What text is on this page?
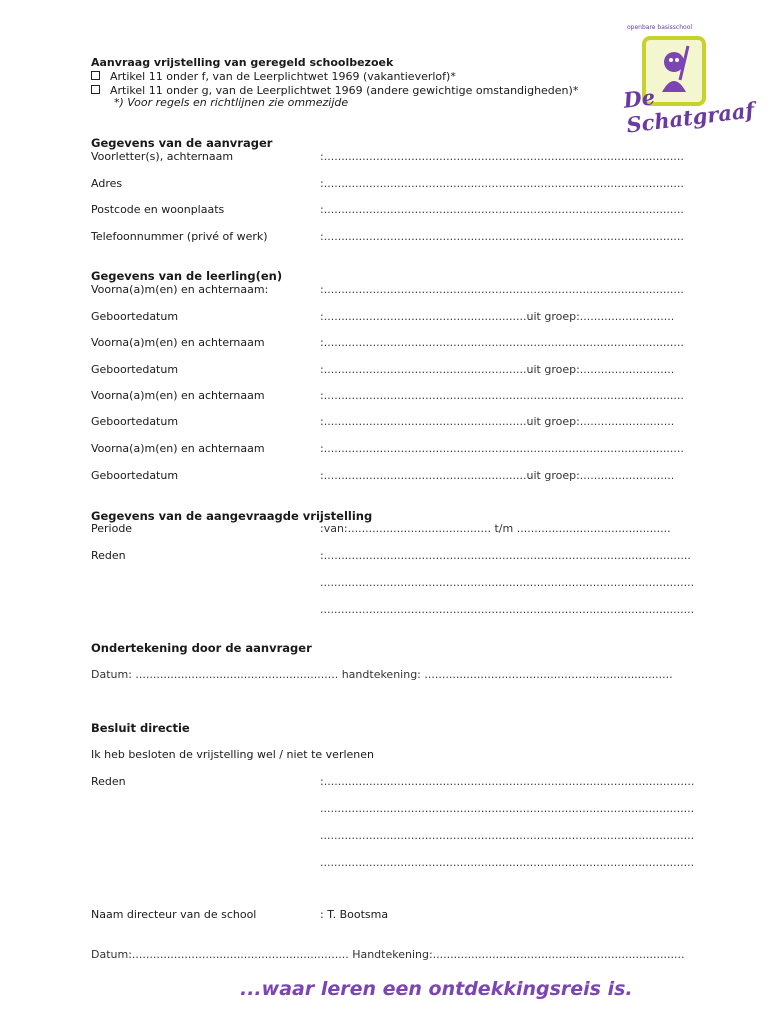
openbare basisschool
De Schatgraaf
Aanvraag vrijstelling van geregeld schoolbezoek
Artikel 11 onder f, van de Leerplichtwet 1969 (vakantieverlof)*
Artikel 11 onder g, van de Leerplichtwet 1969 (andere gewichtige omstandigheden)*
*) Voor regels en richtlijnen zie ommezijde
Gegevens van de aanvrager
Voorletter(s), achternaam	:.......................................................................................................
Adres	:.......................................................................................................
Postcode en woonplaats	:.......................................................................................................
Telefoonnummer (privé of werk)	:.......................................................................................................
Gegevens van de leerling(en)
Voorna(a)m(en) en achternaam:	:.......................................................................................................
Geboortedatum	:..........................................................uit groep:...........................
Voorna(a)m(en) en achternaam	:.......................................................................................................
Geboortedatum	:..........................................................uit groep:...........................
Voorna(a)m(en) en achternaam	:.......................................................................................................
Geboortedatum	:..........................................................uit groep:...........................
Voorna(a)m(en) en achternaam	:.......................................................................................................
Geboortedatum	:..........................................................uit groep:...........................
Gegevens van de aangevraagde vrijstelling
Periode	:van:......................................... t/m ............................................
Reden	:.........................................................................................................
...........................................................................................................
...........................................................................................................
Ondertekening door de aanvrager
Datum: .......................................................... handtekening: .......................................................................
Besluit directie
Ik heb besloten de vrijstelling wel / niet te verlenen
Reden	:..........................................................................................................
...........................................................................................................
...........................................................................................................
...........................................................................................................
Naam directeur van de school	: T. Bootsma
Datum:.............................................................. Handtekening:........................................................................
...waar leren een ontdekkingsreis is.
